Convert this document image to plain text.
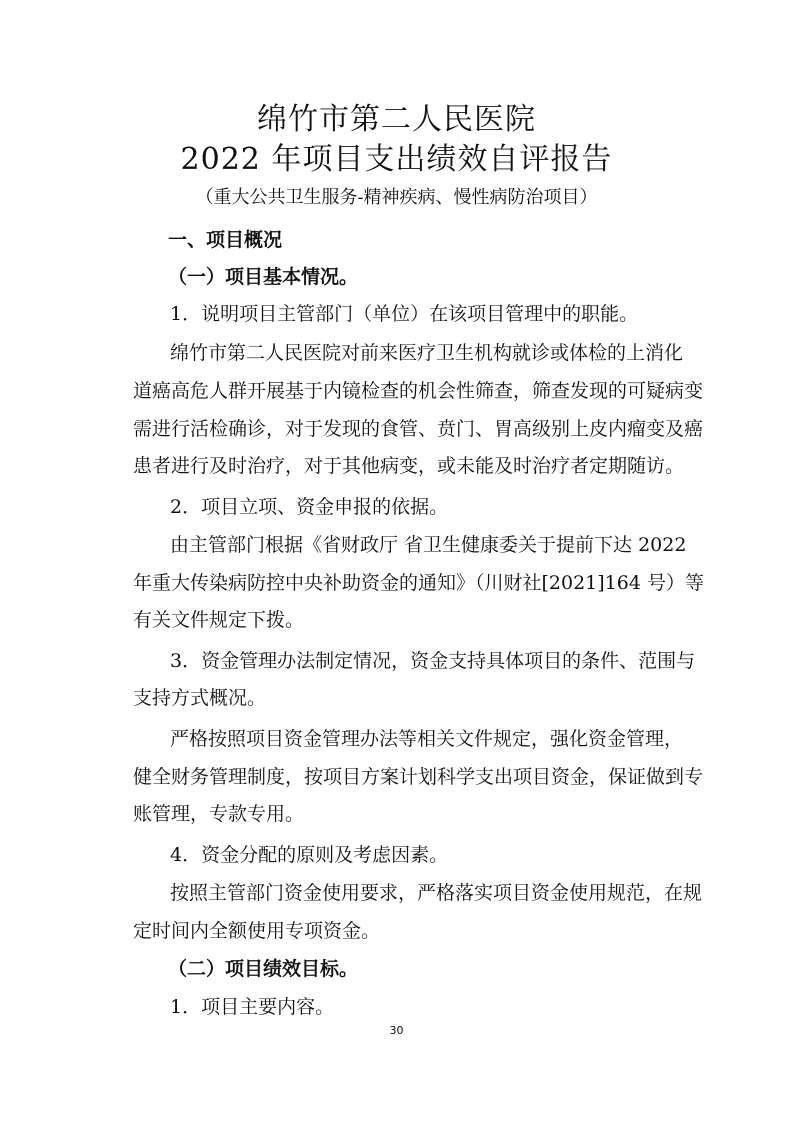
绵竹市第二人民医院
2022 年项目支出绩效自评报告
（重大公共卫生服务-精神疾病、慢性病防治项目）
一、项目概况
（一）项目基本情况。
1．说明项目主管部门（单位）在该项目管理中的职能。
绵竹市第二人民医院对前来医疗卫生机构就诊或体检的上消化
道癌高危人群开展基于内镜检查的机会性筛查，筛查发现的可疑病变
需进行活检确诊，对于发现的食管、贲门、胃高级别上皮内瘤变及癌
患者进行及时治疗，对于其他病变，或未能及时治疗者定期随访。
2．项目立项、资金申报的依据。
由主管部门根据《省财政厅 省卫生健康委关于提前下达 2022
年重大传染病防控中央补助资金的通知》（川财社[2021]164 号）等
有关文件规定下拨。
3．资金管理办法制定情况，资金支持具体项目的条件、范围与
支持方式概况。
严格按照项目资金管理办法等相关文件规定，强化资金管理，
健全财务管理制度，按项目方案计划科学支出项目资金，保证做到专
账管理，专款专用。
4．资金分配的原则及考虑因素。
按照主管部门资金使用要求，严格落实项目资金使用规范，在规
定时间内全额使用专项资金。
（二）项目绩效目标。
1．项目主要内容。
30
